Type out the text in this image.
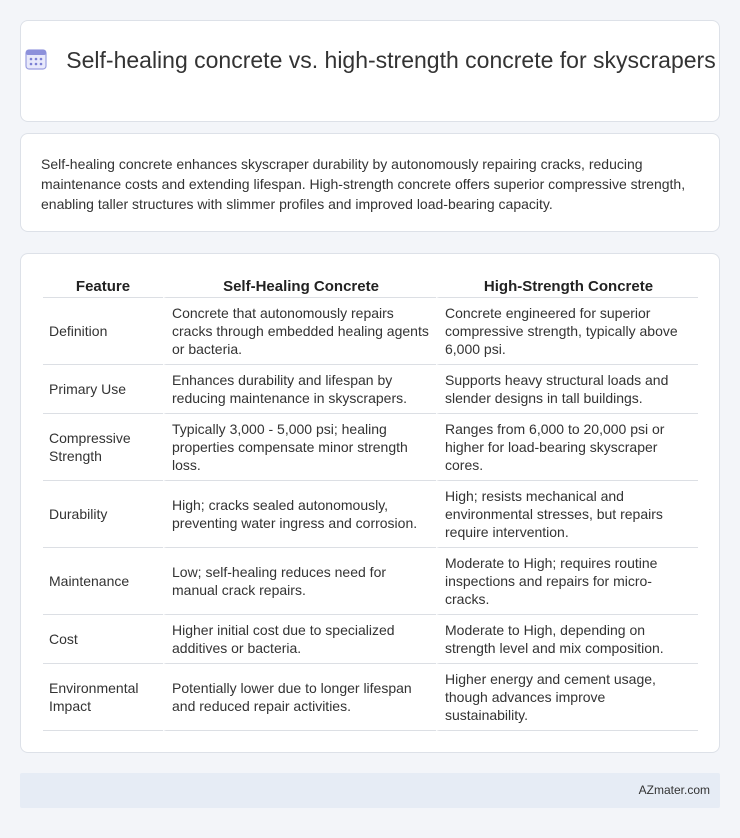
Self-healing concrete vs. high-strength concrete for skyscrapers

Self-healing concrete enhances skyscraper durability by autonomously repairing cracks, reducing maintenance costs and extending lifespan. High-strength concrete offers superior compressive strength, enabling taller structures with slimmer profiles and improved load-bearing capacity.

Feature	Self-Healing Concrete	High-Strength Concrete
Definition	Concrete that autonomously repairs cracks through embedded healing agents or bacteria.	Concrete engineered for superior compressive strength, typically above 6,000 psi.
Primary Use	Enhances durability and lifespan by reducing maintenance in skyscrapers.	Supports heavy structural loads and slender designs in tall buildings.
Compressive Strength	Typically 3,000 - 5,000 psi; healing properties compensate minor strength loss.	Ranges from 6,000 to 20,000 psi or higher for load-bearing skyscraper cores.
Durability	High; cracks sealed autonomously, preventing water ingress and corrosion.	High; resists mechanical and environmental stresses, but repairs require intervention.
Maintenance	Low; self-healing reduces need for manual crack repairs.	Moderate to High; requires routine inspections and repairs for micro-cracks.
Cost	Higher initial cost due to specialized additives or bacteria.	Moderate to High, depending on strength level and mix composition.
Environmental Impact	Potentially lower due to longer lifespan and reduced repair activities.	Higher energy and cement usage, though advances improve sustainability.
AZmater.com
